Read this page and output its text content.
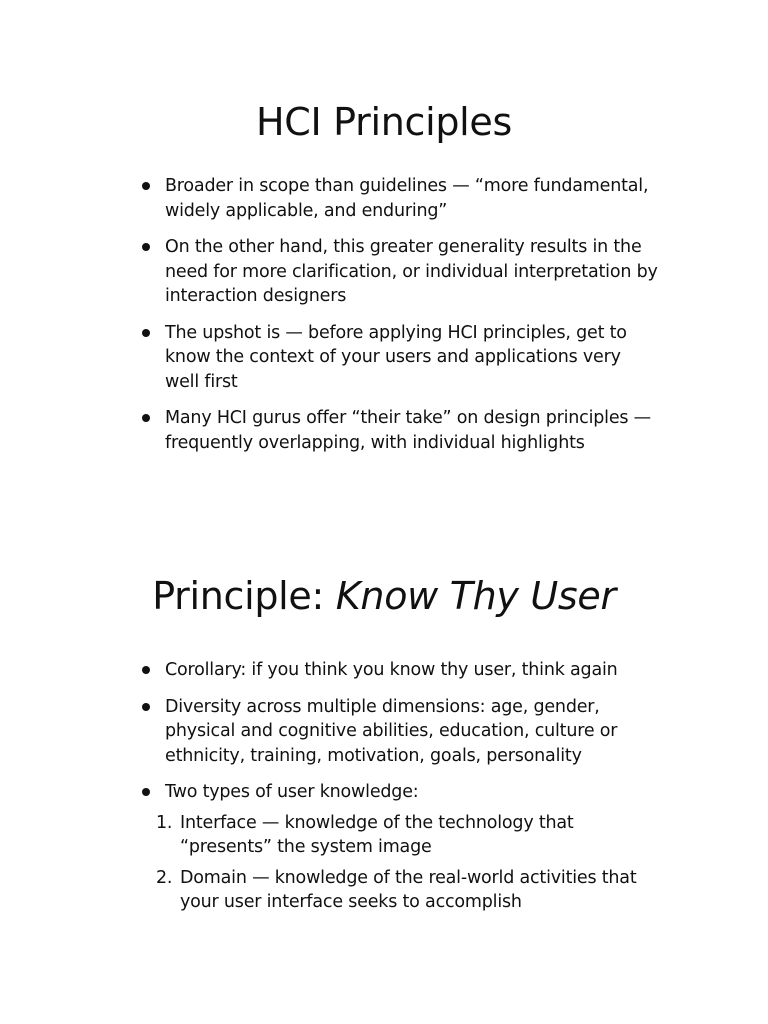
HCI Principles
Broader in scope than guidelines — “more fundamental, widely applicable, and enduring”
On the other hand, this greater generality results in the need for more clarification, or individual interpretation by interaction designers
The upshot is — before applying HCI principles, get to know the context of your users and applications very well first
Many HCI gurus offer “their take” on design principles — frequently overlapping, with individual highlights
Principle: Know Thy User
Corollary: if you think you know thy user, think again
Diversity across multiple dimensions: age, gender, physical and cognitive abilities, education, culture or ethnicity, training, motivation, goals, personality
Two types of user knowledge:
1. Interface — knowledge of the technology that “presents” the system image
2. Domain — knowledge of the real-world activities that your user interface seeks to accomplish
